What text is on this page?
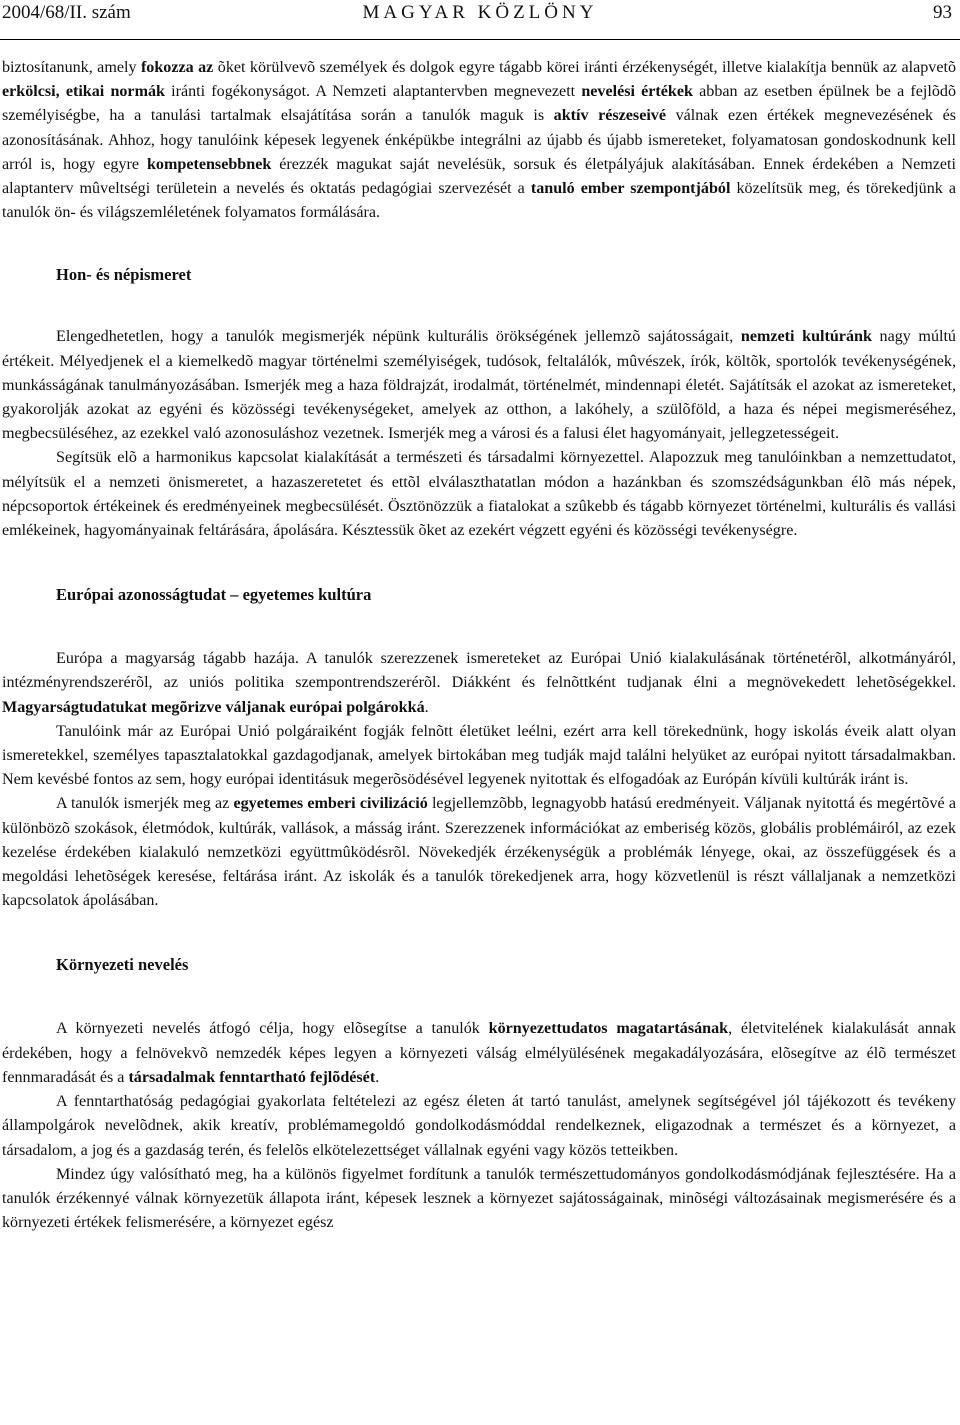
2004/68/II. szám	MAGYAR KÖZLÖNY	93

biztosítanunk, amely fokozza az õket körülvevõ személyek és dolgok egyre tágabb körei iránti érzékenységét, illetve kialakítja bennük az alapvetõ erkölcsi, etikai normák iránti fogékonyságot. A Nemzeti alaptantervben megnevezett nevelési értékek abban az esetben épülnek be a fejlõdõ személyiségbe, ha a tanulási tartalmak elsajátítása során a tanulók maguk is aktív részeseivé válnak ezen értékek megnevezésének és azonosításának. Ahhoz, hogy tanulóink képesek legyenek énképükbe integrálni az újabb és újabb ismereteket, folyamatosan gondoskodnunk kell arról is, hogy egyre kompetensebbnek érezzék magukat saját nevelésük, sorsuk és életpályájuk alakításában. Ennek érdekében a Nemzeti alaptanterv mûveltségi területein a nevelés és oktatás pedagógiai szervezését a tanuló ember szempontjából közelítsük meg, és törekedjünk a tanulók ön- és világszemléletének folyamatos formálására.

Hon- és népismeret

Elengedhetetlen, hogy a tanulók megismerjék népünk kulturális örökségének jellemzõ sajátosságait, nemzeti kultúránk nagy múltú értékeit. Mélyedjenek el a kiemelkedõ magyar történelmi személyiségek, tudósok, feltalálók, mûvészek, írók, költõk, sportolók tevékenységének, munkásságának tanulmányozásában. Ismerjék meg a haza földrajzát, irodalmát, történelmét, mindennapi életét. Sajátítsák el azokat az ismereteket, gyakorolják azokat az egyéni és közösségi tevékenységeket, amelyek az otthon, a lakóhely, a szülõföld, a haza és népei megismeréséhez, megbecsüléséhez, az ezekkel való azonosuláshoz vezetnek. Ismerjék meg a városi és a falusi élet hagyományait, jellegzetességeit.

Segítsük elõ a harmonikus kapcsolat kialakítását a természeti és társadalmi környezettel. Alapozzuk meg tanulóinkban a nemzettudatot, mélyítsük el a nemzeti önismeretet, a hazaszeretetet és ettõl elválaszthatatlan módon a hazánkban és szomszédságunkban élõ más népek, népcsoportok értékeinek és eredményeinek megbecsülését. Ösztönözzük a fiatalokat a szûkebb és tágabb környezet történelmi, kulturális és vallási emlékeinek, hagyományainak feltárására, ápolására. Késztessük õket az ezekért végzett egyéni és közösségi tevékenységre.

Európai azonosságtudat – egyetemes kultúra

Európa a magyarság tágabb hazája. A tanulók szerezzenek ismereteket az Európai Unió kialakulásának történetérõl, alkotmányáról, intézményrendszerérõl, az uniós politika szempontrendszerérõl. Diákként és felnõttként tudjanak élni a megnövekedett lehetõségekkel. Magyarságtudatukat megõrizve váljanak európai polgárokká.

Tanulóink már az Európai Unió polgáraiként fogják felnõtt életüket leélni, ezért arra kell törekednünk, hogy iskolás éveik alatt olyan ismeretekkel, személyes tapasztalatokkal gazdagodjanak, amelyek birtokában meg tudják majd találni helyüket az európai nyitott társadalmakban. Nem kevésbé fontos az sem, hogy európai identitásuk megerõsödésével legyenek nyitottak és elfogadóak az Európán kívüli kultúrák iránt is.

A tanulók ismerjék meg az egyetemes emberi civilizáció legjellemzõbb, legnagyobb hatású eredményeit. Váljanak nyitottá és megértõvé a különbözõ szokások, életmódok, kultúrák, vallások, a másság iránt. Szerezzenek információkat az emberiség közös, globális problémáiról, az ezek kezelése érdekében kialakuló nemzetközi együttmûködésrõl. Növekedjék érzékenységük a problémák lényege, okai, az összefüggések és a megoldási lehetõségek keresése, feltárása iránt. Az iskolák és a tanulók törekedjenek arra, hogy közvetlenül is részt vállaljanak a nemzetközi kapcsolatok ápolásában.

Környezeti nevelés

A környezeti nevelés átfogó célja, hogy elõsegítse a tanulók környezettudatos magatartásának, életvitelének kialakulását annak érdekében, hogy a felnövekvõ nemzedék képes legyen a környezeti válság elmélyülésének megakadályozására, elõsegítve az élõ természet fennmaradását és a társadalmak fenntartható fejlõdését.

A fenntarthatóság pedagógiai gyakorlata feltételezi az egész életen át tartó tanulást, amelynek segítségével jól tájékozott és tevékeny állampolgárok nevelõdnek, akik kreatív, problémamegoldó gondolkodásmóddal rendelkeznek, eligazodnak a természet és a környezet, a társadalom, a jog és a gazdaság terén, és felelõs elkötelezettséget vállalnak egyéni vagy közös tetteikben.

Mindez úgy valósítható meg, ha a különös figyelmet fordítunk a tanulók természettudományos gondolkodásmódjának fejlesztésére. Ha a tanulók érzékennyé válnak környezetük állapota iránt, képesek lesznek a környezet sajátosságainak, minõségi változásainak megismerésére és a környezeti értékek felismerésére, a környezet egész
